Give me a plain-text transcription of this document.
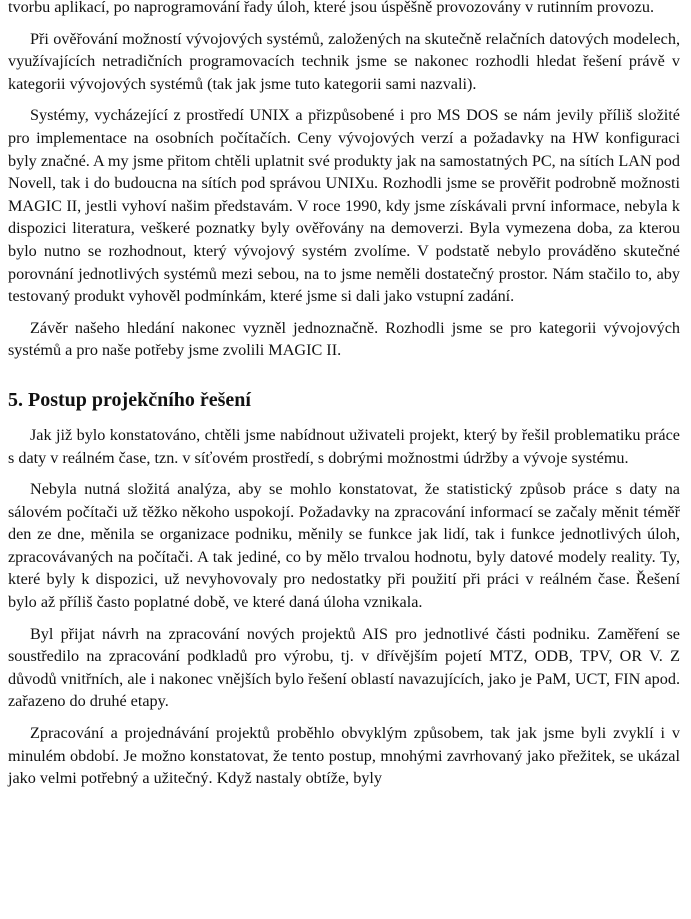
tvorbu aplikací, po naprogramování řady úloh, které jsou úspěšně provozovány v rutinním provozu.

Při ověřování možností vývojových systémů, založených na skutečně relačních datových modelech, využívajících netradičních programovacích technik jsme se nakonec rozhodli hledat řešení právě v kategorii vývojových systémů (tak jak jsme tuto kategorii sami nazvali).

Systémy, vycházející z prostředí UNIX a přizpůsobené i pro MS DOS se nám jevily příliš složité pro implementace na osobních počítačích. Ceny vývojových verzí a požadavky na HW konfiguraci byly značné. A my jsme přitom chtěli uplatnit své produkty jak na samostatných PC, na sítích LAN pod Novell, tak i do budoucna na sítích pod správou UNIXu. Rozhodli jsme se prověřit podrobně možnosti MAGIC II, jestli vyhoví našim představám. V roce 1990, kdy jsme získávali první informace, nebyla k dispozici literatura, veškeré poznatky byly ověřovány na demoverzi. Byla vymezena doba, za kterou bylo nutno se rozhodnout, který vývojový systém zvolíme. V podstatě nebylo prováděno skutečné porovnání jednotlivých systémů mezi sebou, na to jsme neměli dostatečný prostor. Nám stačilo to, aby testovaný produkt vyhověl podmínkám, které jsme si dali jako vstupní zadání.

Závěr našeho hledání nakonec vyzněl jednoznačně. Rozhodli jsme se pro kategorii vývojových systémů a pro naše potřeby jsme zvolili MAGIC II.

5. Postup projekčního řešení

Jak již bylo konstatováno, chtěli jsme nabídnout uživateli projekt, který by řešil problematiku práce s daty v reálném čase, tzn. v síťovém prostředí, s dobrými možnostmi údržby a vývoje systému.

Nebyla nutná složitá analýza, aby se mohlo konstatovat, že statistický způsob práce s daty na sálovém počítači už těžko někoho uspokojí. Požadavky na zpracování informací se začaly měnit téměř den ze dne, měnila se organizace podniku, měnily se funkce jak lidí, tak i funkce jednotlivých úloh, zpracovávaných na počítači. A tak jediné, co by mělo trvalou hodnotu, byly datové modely reality. Ty, které byly k dispozici, už nevyhovovaly pro nedostatky při použití při práci v reálném čase. Řešení bylo až příliš často poplatné době, ve které daná úloha vznikala.

Byl přijat návrh na zpracování nových projektů AIS pro jednotlivé části podniku. Zaměření se soustředilo na zpracování podkladů pro výrobu, tj. v dřívějším pojetí MTZ, ODB, TPV, OR V. Z důvodů vnitřních, ale i nakonec vnějších bylo řešení oblastí navazujících, jako je PaM, UCT, FIN apod. zařazeno do druhé etapy.

Zpracování a projednávání projektů proběhlo obvyklým způsobem, tak jak jsme byli zvyklí i v minulém období. Je možno konstatovat, že tento postup, mnohými zavrhovaný jako přežitek, se ukázal jako velmi potřebný a užitečný. Když nastaly obtíže, byly
